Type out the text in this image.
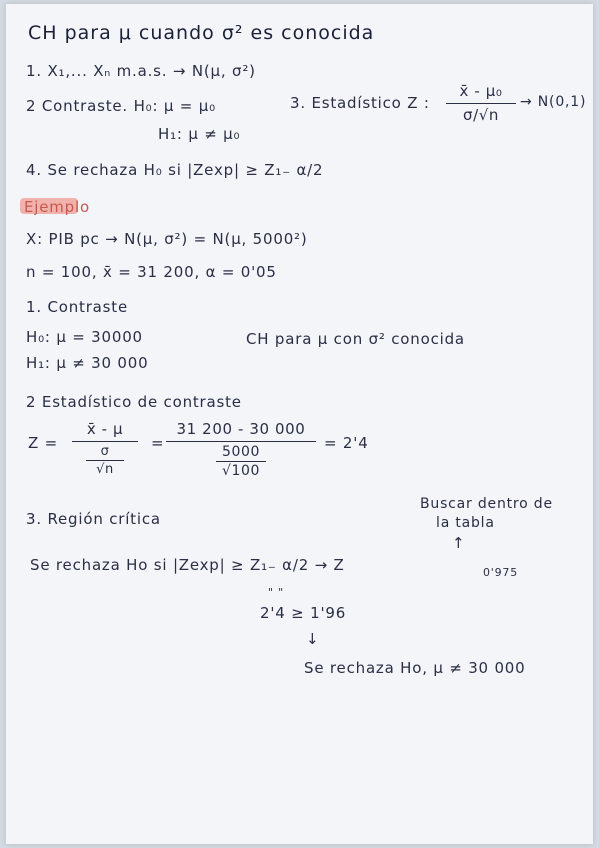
CH para μ cuando σ² es conocida
1. X₁,... Xₙ m.a.s. → N(μ, σ²)
2 Contraste. H₀: μ = μ₀
H₁: μ ≠ μ₀
3. Estadístico Z :
x̄ - μ₀
σ/√n
→ N(0,1)
4. Se rechaza H₀ si |Zexp| ≥ Z₁₋ α/2
Ejemplo
X: PIB pc → N(μ, σ²) = N(μ, 5000²)
n = 100, x̄ = 31 200, α = 0'05
1. Contraste
H₀: μ = 30000	CH para μ con σ² conocida
H₁: μ ≠ 30 000
2 Estadístico de contraste
Z =
x̄ - μ
σ
√n
=
31 200 - 30 000
5000
√100
= 2'4
Buscar dentro de
la tabla
3. Región crítica
↑
Se rechaza Ho si |Zexp| ≥ Z₁₋ α/2 → Z	0'975
" "
2'4 ≥ 1'96
↓
Se rechaza Ho, μ ≠ 30 000
